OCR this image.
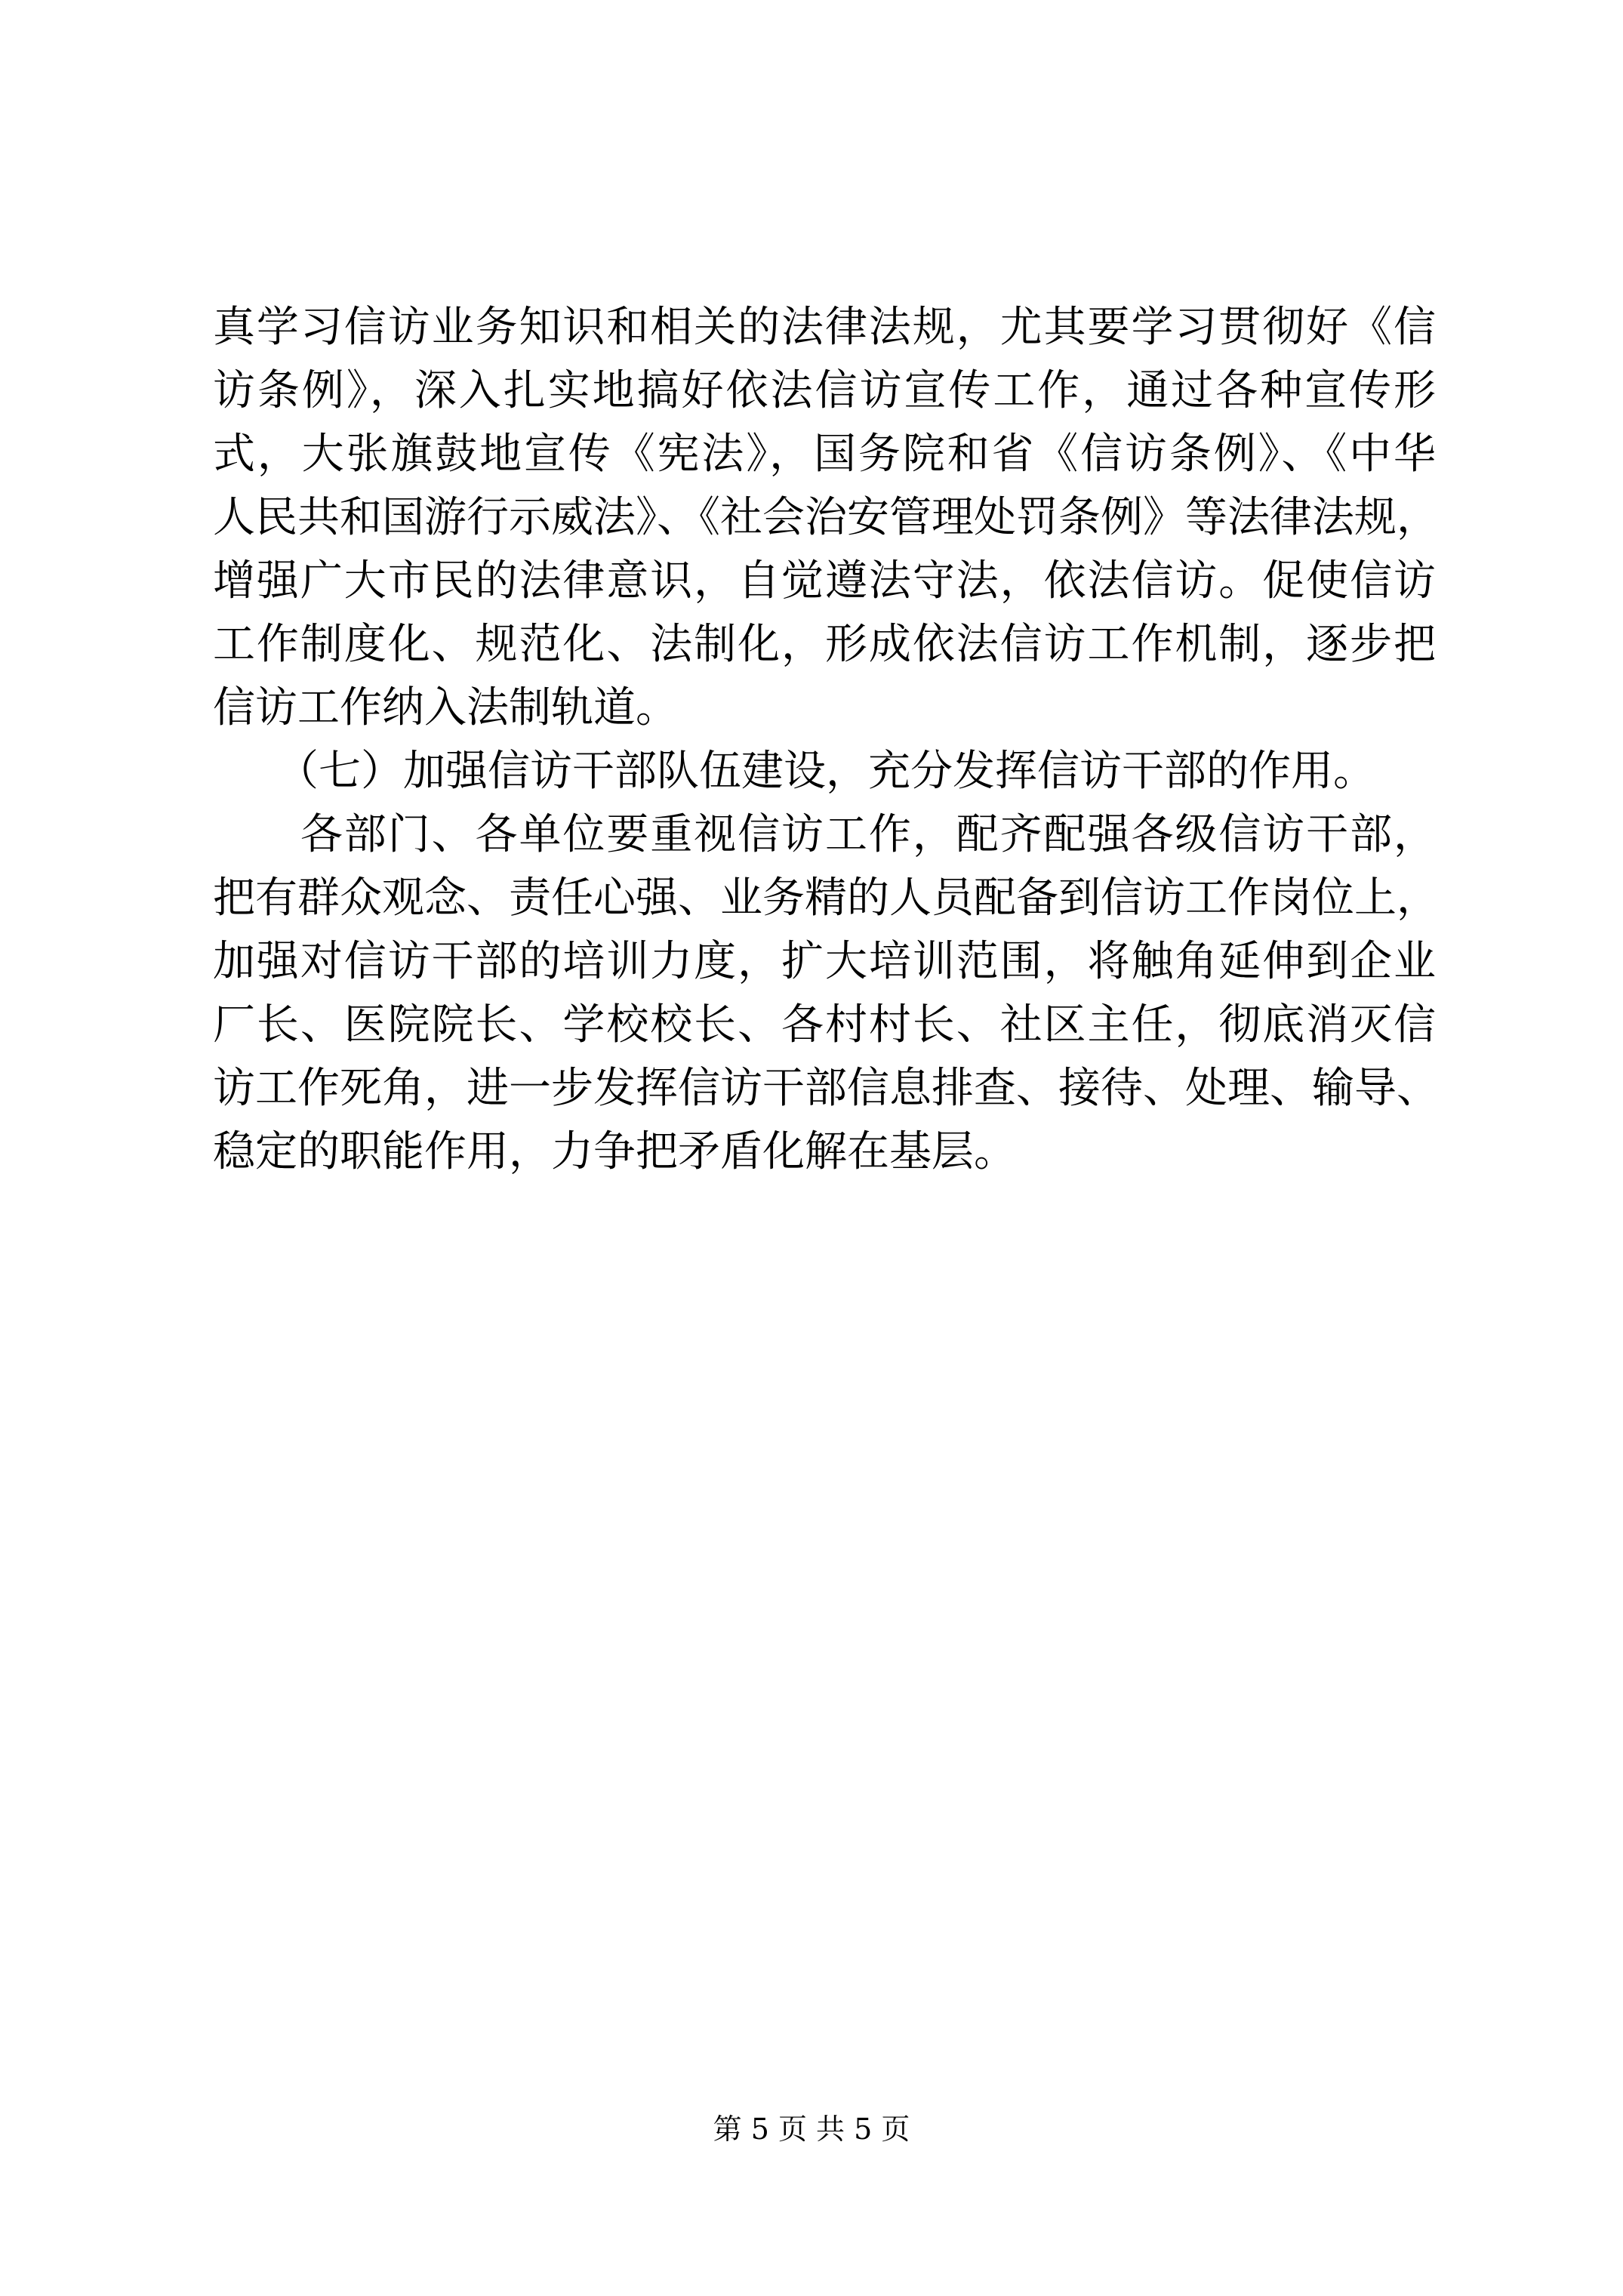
真学习信访业务知识和相关的法律法规，尤其要学习贯彻好《信
访条例》，深入扎实地搞好依法信访宣传工作，通过各种宣传形
式，大张旗鼓地宣传《宪法》，国务院和省《信访条例》、《中华
人民共和国游行示威法》、《社会治安管理处罚条例》等法律法规，
增强广大市民的法律意识，自觉遵法守法，依法信访。促使信访
工作制度化、规范化、法制化，形成依法信访工作机制，逐步把
信访工作纳入法制轨道。
　　（七）加强信访干部队伍建设，充分发挥信访干部的作用。
　　各部门、各单位要重视信访工作，配齐配强各级信访干部，
把有群众观念、责任心强、业务精的人员配备到信访工作岗位上，
加强对信访干部的培训力度，扩大培训范围，将触角延伸到企业
厂长、医院院长、学校校长、各村村长、社区主任，彻底消灭信
访工作死角，进一步发挥信访干部信息排查、接待、处理、输导、
稳定的职能作用，力争把矛盾化解在基层。
第 5 页 共 5 页
